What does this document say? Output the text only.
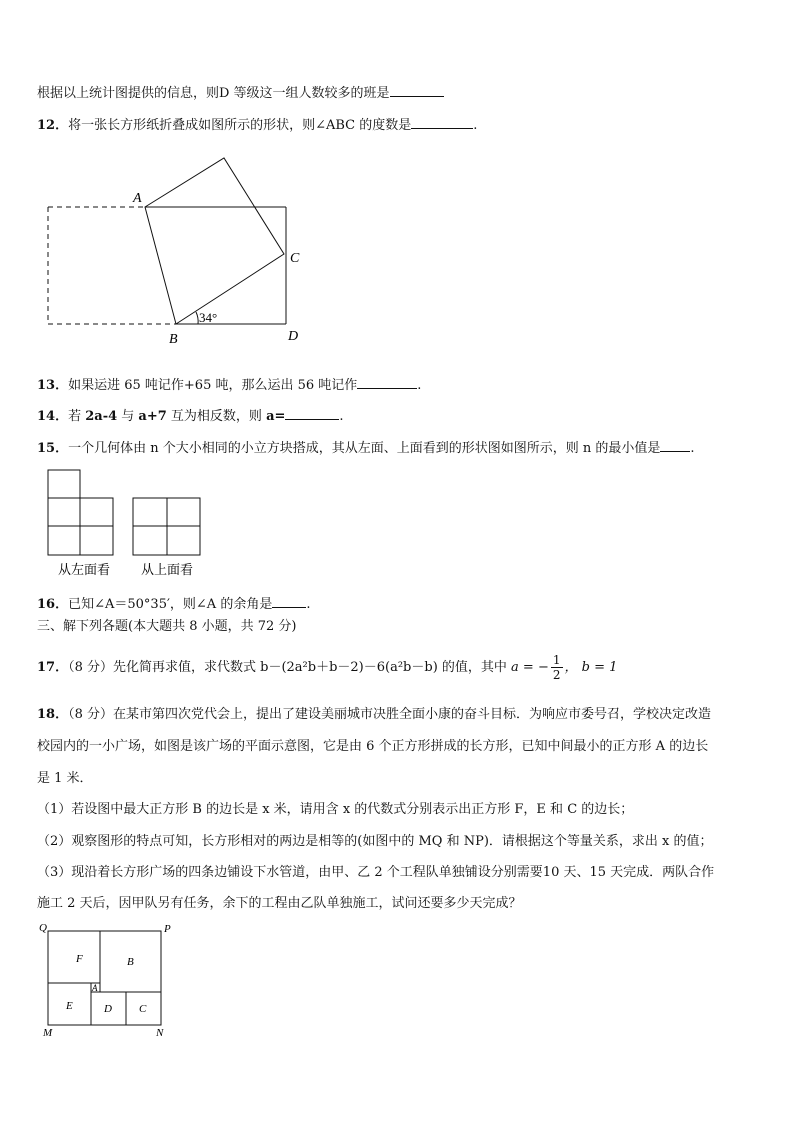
根据以上统计图提供的信息，则D 等级这一组人数较多的班是
12．将一张长方形纸折叠成如图所示的形状，则∠ABC 的度数是	.
A
B
C
D
34°
13．如果运进 65 吨记作+65 吨，那么运出 56 吨记作	.
14．若 2a-4 与 a+7 互为相反数，则 a=	.
15．一个几何体由 n 个大小相同的小立方块搭成，其从左面、上面看到的形状图如图所示，则 n 的最小值是 .
从左面看 从上面看
16．已知∠A＝50°35′，则∠A 的余角是	.
三、解下列各题(本大题共 8 小题，共 72 分)
17．（8 分）先化简再求值，求代数式 b－(2a²b＋b－2)－6(a²b－b) 的值，其中 a = − $\frac{1}{2}$ ， b = 1
18．（8 分）在某市第四次党代会上，提出了建设美丽城市决胜全面小康的奋斗目标．为响应市委号召，学校决定改造
校园内的一小广场，如图是该广场的平面示意图，它是由 6 个正方形拼成的长方形，已知中间最小的正方形 A 的边长
是 1 米．
（1）若设图中最大正方形 B 的边长是 x 米，请用含 x 的代数式分别表示出正方形 F，E 和 C 的边长；
（2）观察图形的特点可知，长方形相对的两边是相等的(如图中的 MQ 和 NP)．请根据这个等量关系，求出 x 的值；
（3）现沿着长方形广场的四条边铺设下水管道，由甲、乙 2 个工程队单独铺设分别需要10 天、15 天完成．两队合作
施工 2 天后，因甲队另有任务，余下的工程由乙队单独施工，试问还要多少天完成？
Q	P
M	N
F	B
E
A
D C
